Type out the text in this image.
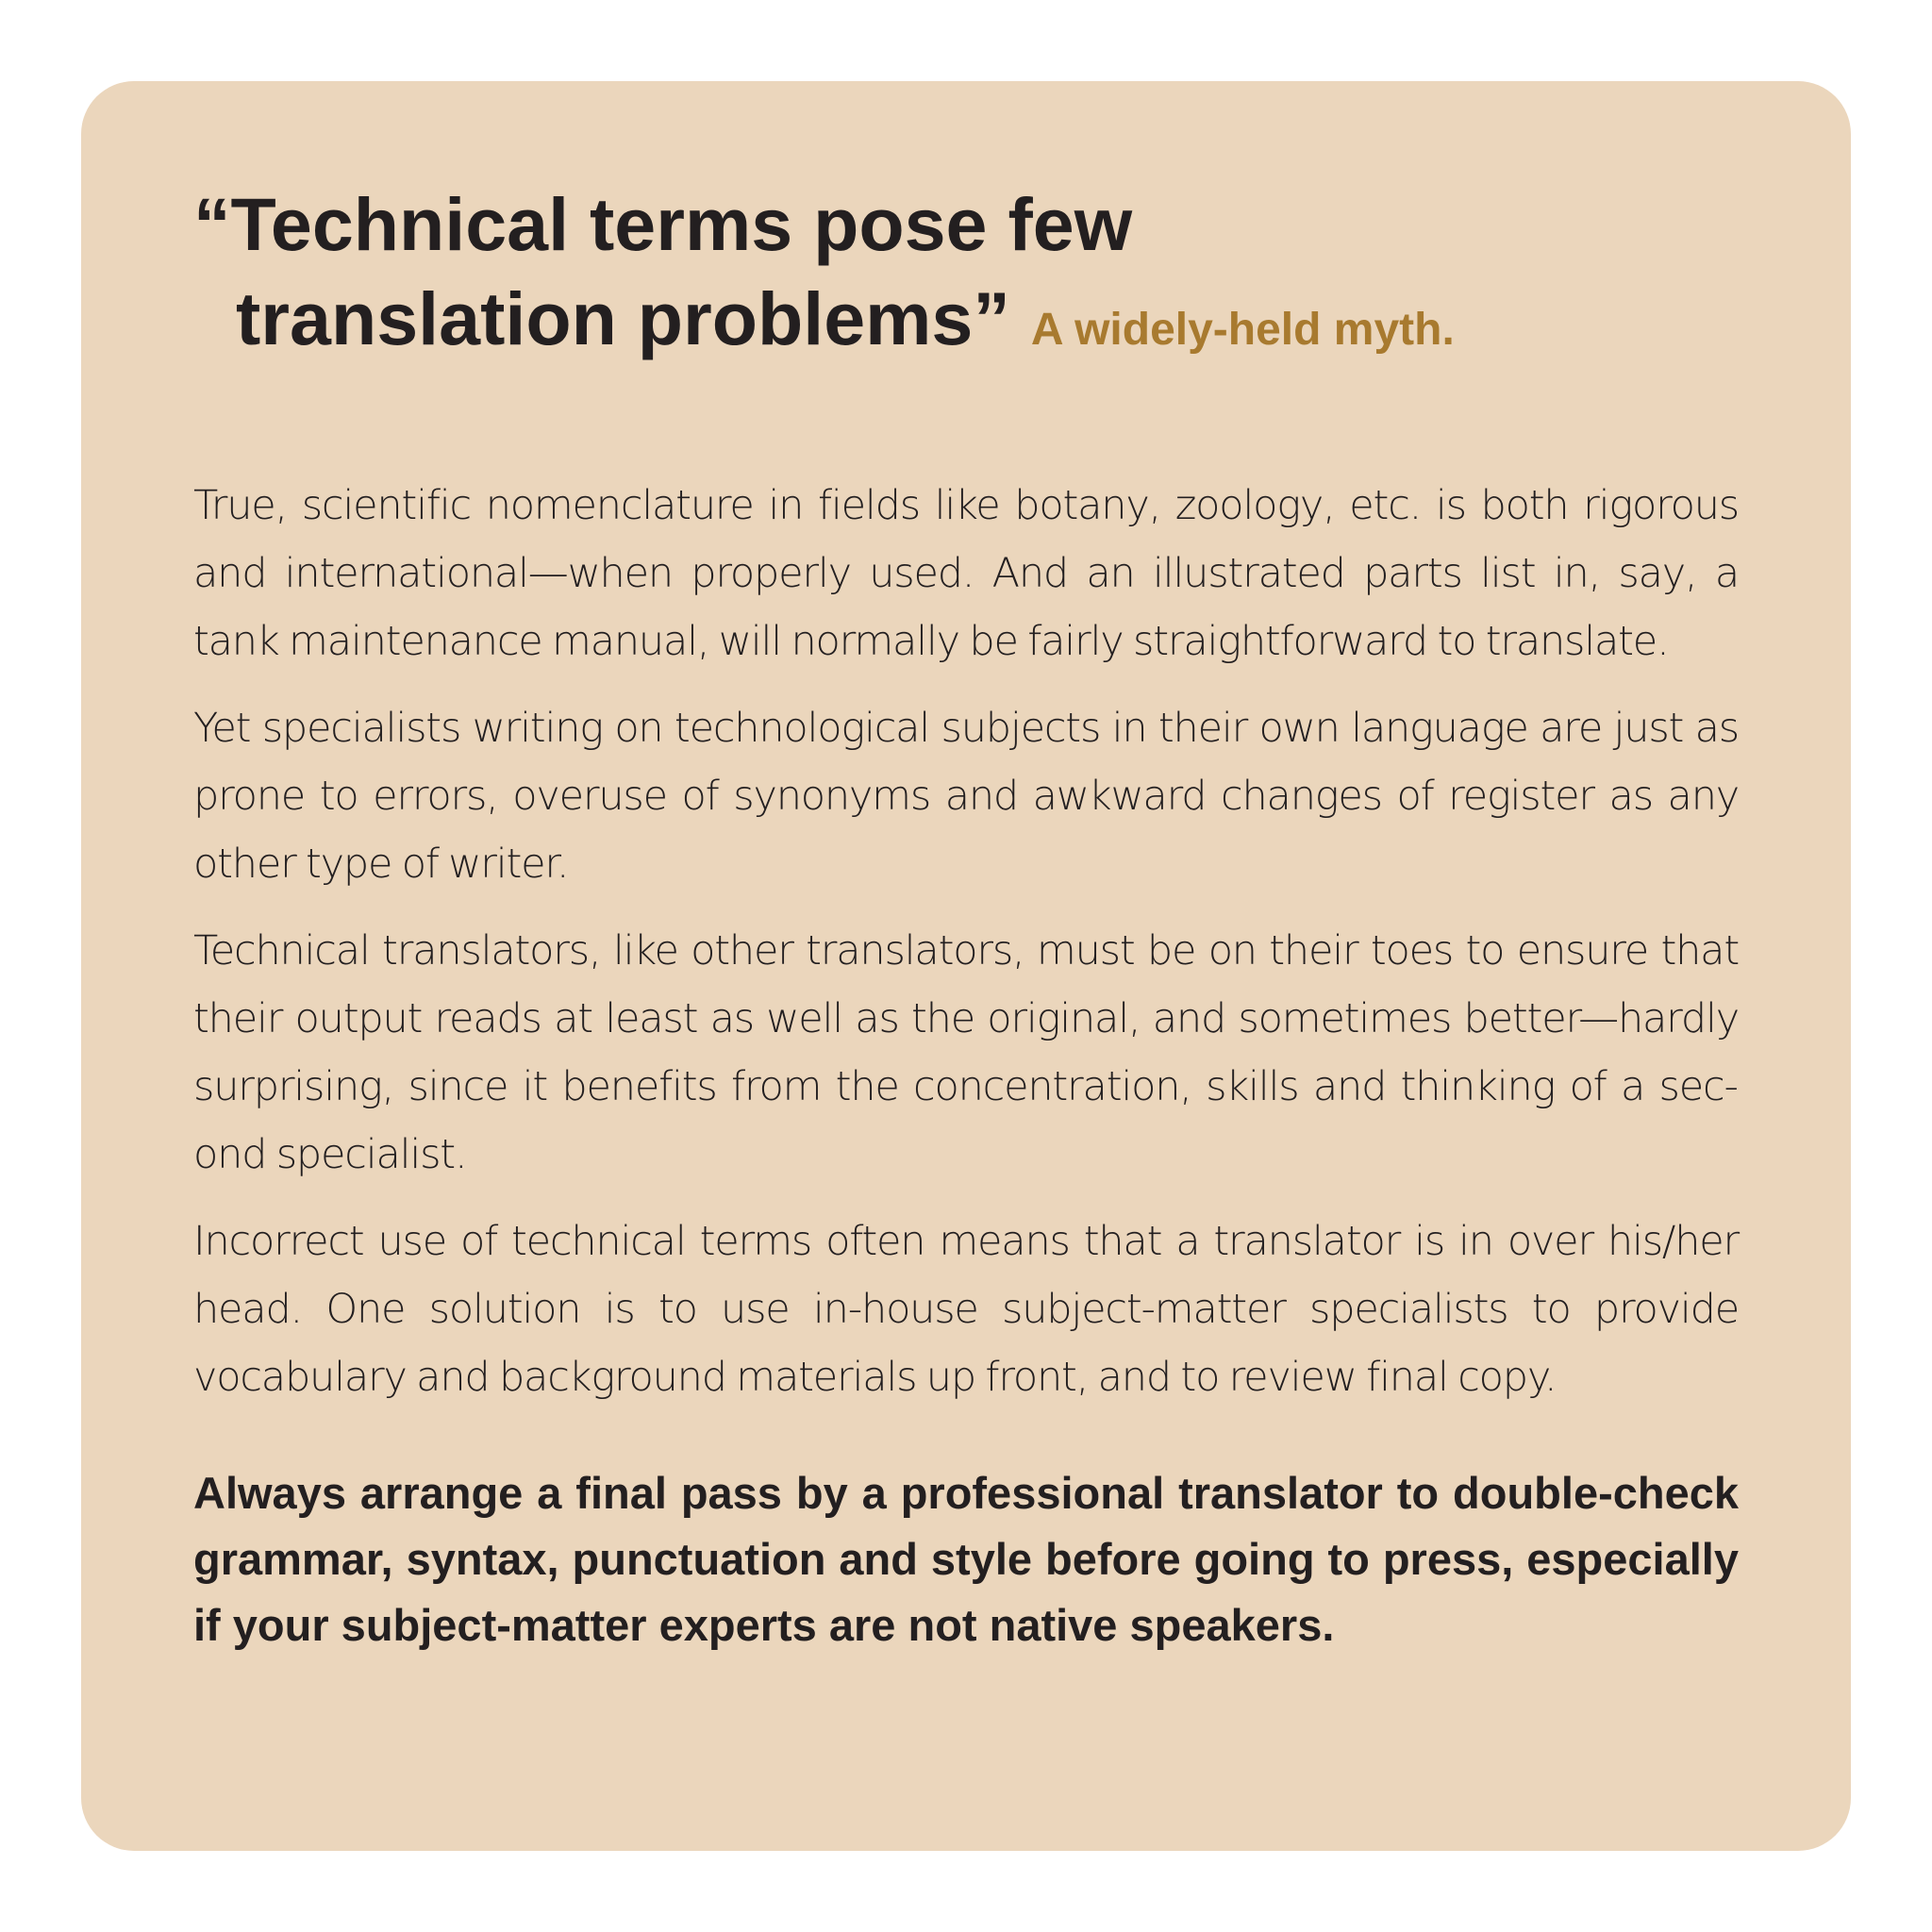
“Technical terms pose few
translation problems” A widely-held myth.

True, scientific nomenclature in fields like botany, zoology, etc. is both rigorous and international—when properly used. And an illustrated parts list in, say, a tank maintenance manual, will normally be fairly straightforward to translate.

Yet specialists writing on technological subjects in their own language are just as prone to errors, overuse of synonyms and awkward changes of register as any other type of writer.

Technical translators, like other translators, must be on their toes to ensure that their output reads at least as well as the original, and sometimes better—hardly surprising, since it benefits from the concentration, skills and thinking of a second specialist.

Incorrect use of technical terms often means that a translator is in over his/her head. One solution is to use in-house subject-matter specialists to provide vocabulary and background materials up front, and to review final copy.

Always arrange a final pass by a professional translator to double-check grammar, syntax, punctuation and style before going to press, especially if your subject-matter experts are not native speakers.
